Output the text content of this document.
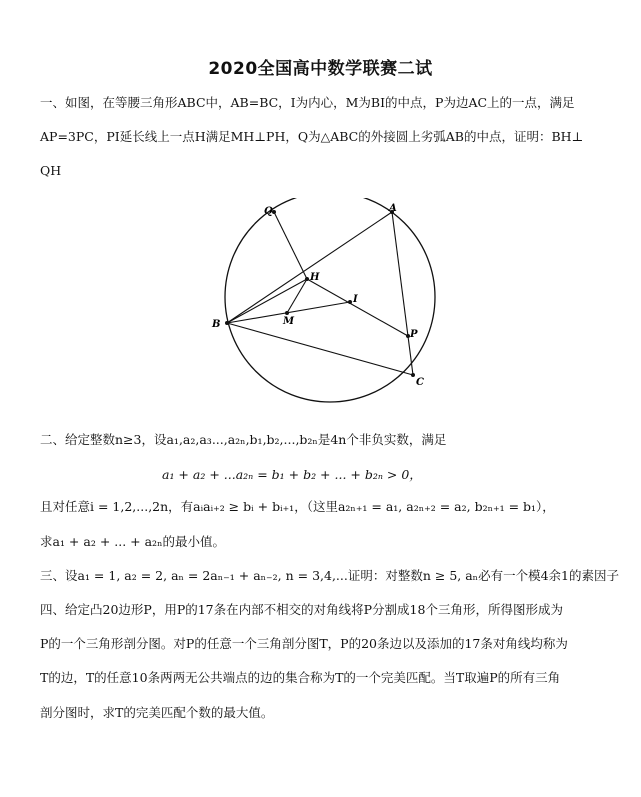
2020全国高中数学联赛二试
一、如图，在等腰三角形ABC中，AB=BC，I为内心，M为BI的中点，P为边AC上的一点，满足
AP=3PC，PI延长线上一点H满足MH⊥PH，Q为△ABC的外接圆上劣弧AB的中点，证明：BH⊥
QH
Q	A
H
I
B	M
P
C
二、给定整数n≥3，设a₁,a₂,a₃...,a₂ₙ,b₁,b₂,...,b₂ₙ是4n个非负实数，满足
a₁ + a₂ + ...a₂ₙ = b₁ + b₂ + ... + b₂ₙ > 0，
且对任意i = 1,2,...,2n，有aᵢaᵢ₊₂ ≥ bᵢ + bᵢ₊₁，（这里a₂ₙ₊₁ = a₁, a₂ₙ₊₂ = a₂, b₂ₙ₊₁ = b₁），
求a₁ + a₂ + ... + a₂ₙ的最小值。
三、设a₁ = 1, a₂ = 2, aₙ = 2aₙ₋₁ + aₙ₋₂, n = 3,4,...证明：对整数n ≥ 5, aₙ必有一个模4余1的素因子
四、给定凸20边形P，用P的17条在内部不相交的对角线将P分割成18个三角形，所得图形成为
P的一个三角形剖分图。对P的任意一个三角剖分图T，P的20条边以及添加的17条对角线均称为
T的边，T的任意10条两两无公共端点的边的集合称为T的一个完美匹配。当T取遍P的所有三角
剖分图时，求T的完美匹配个数的最大值。
